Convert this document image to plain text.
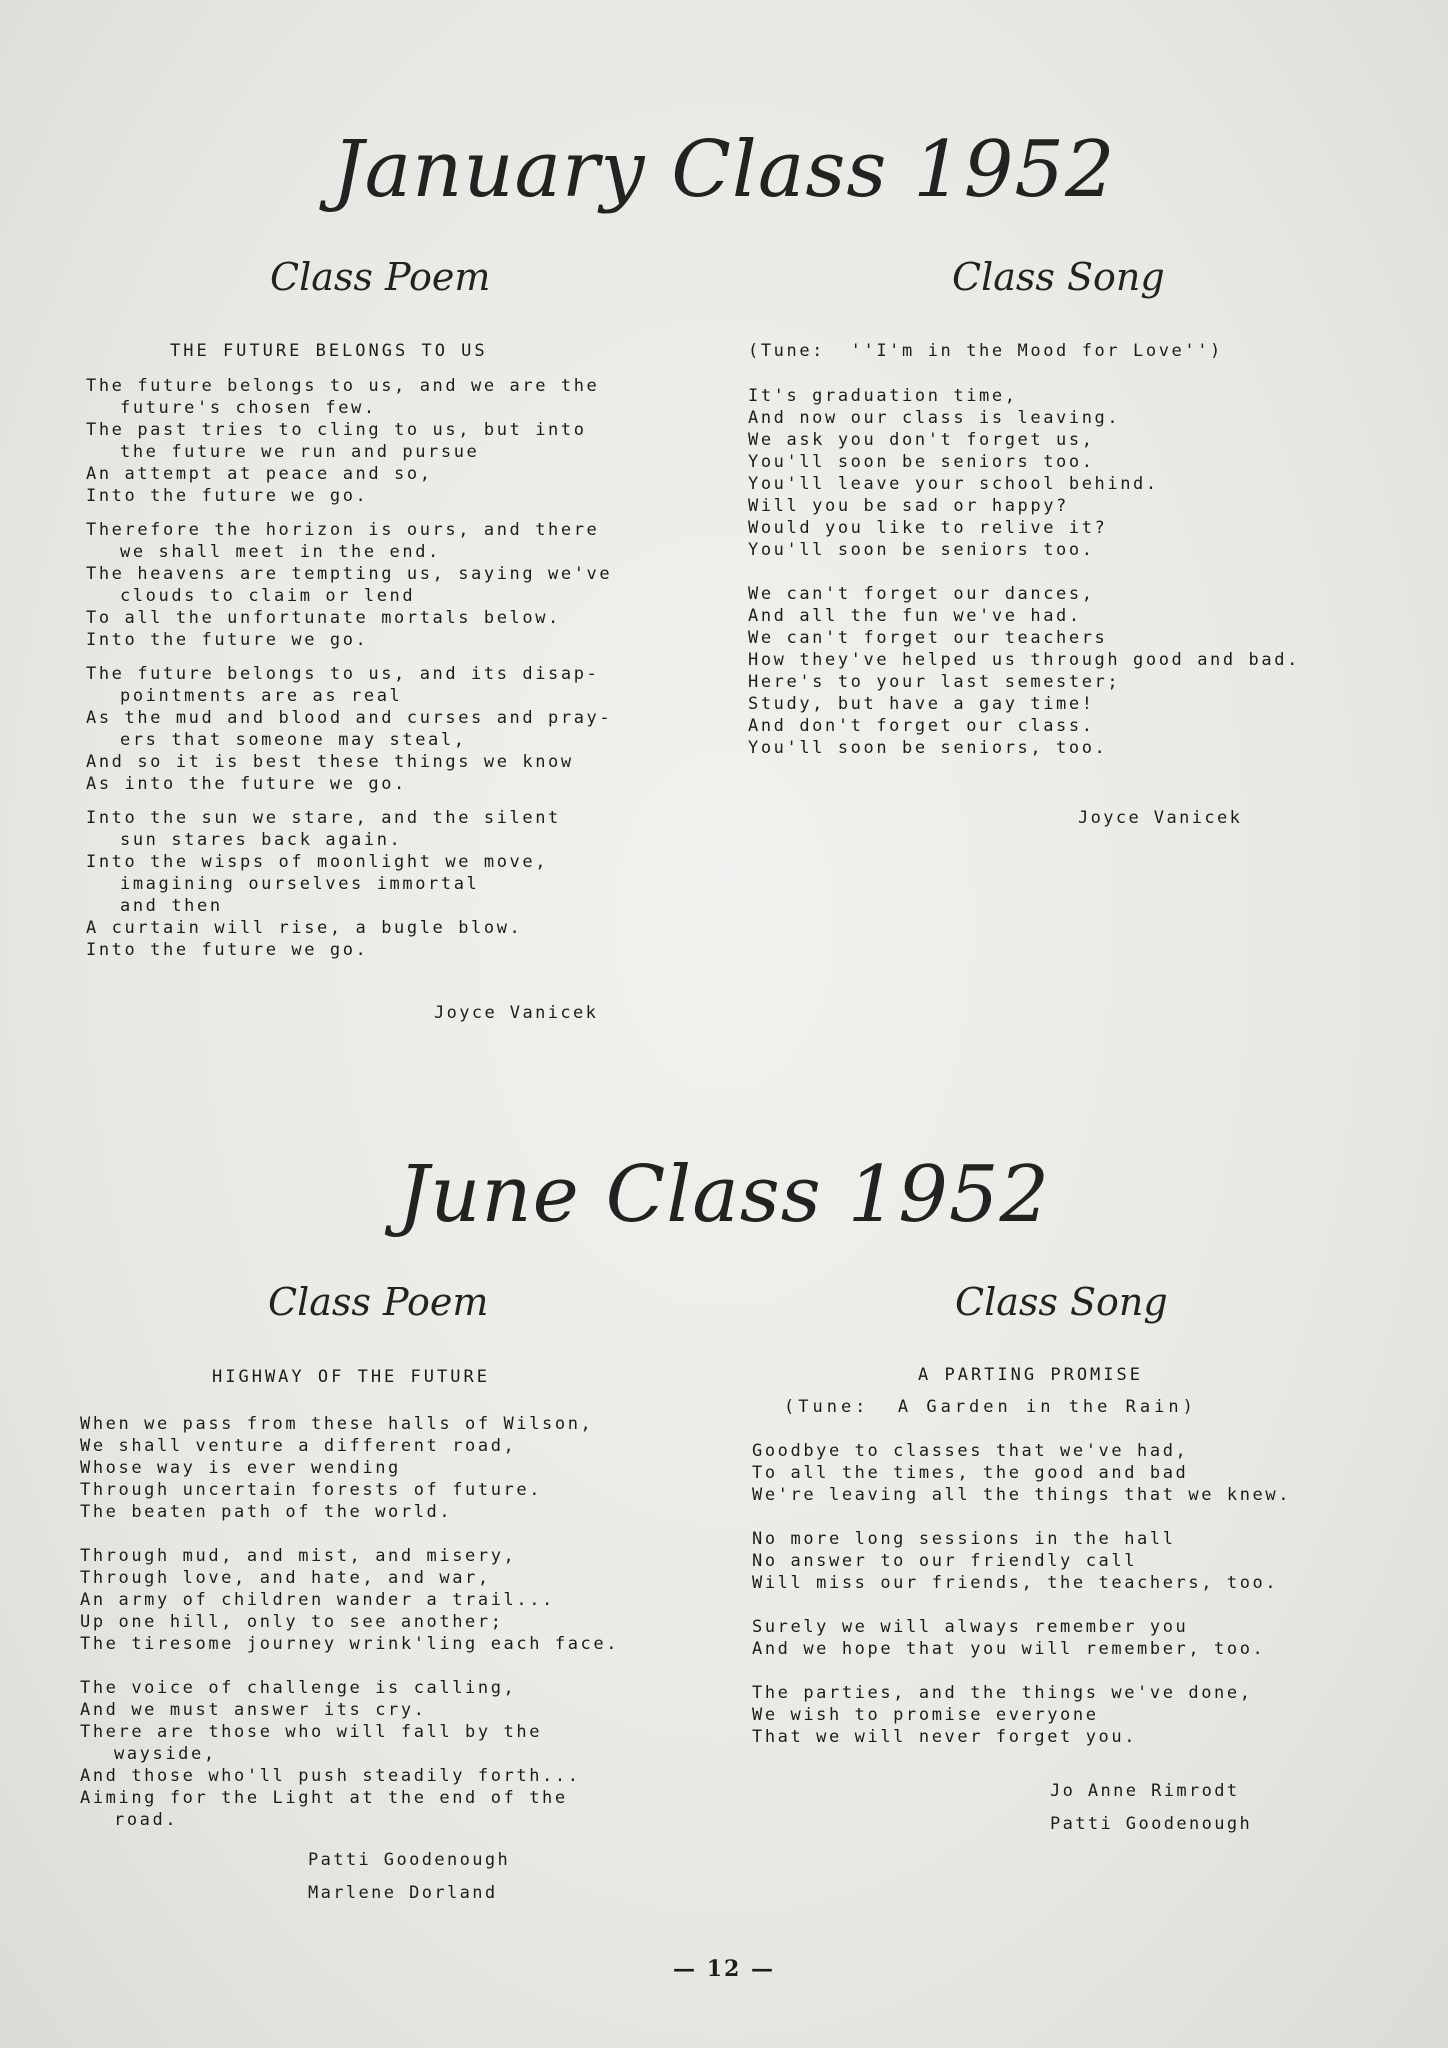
January Class 1952
Class Poem	Class Song
THE FUTURE BELONGS TO US
The future belongs to us, and we are the
future's chosen few.
The past tries to cling to us, but into
the future we run and pursue
An attempt at peace and so,
Into the future we go.
Therefore the horizon is ours, and there
we shall meet in the end.
The heavens are tempting us, saying we've
clouds to claim or lend
To all the unfortunate mortals below.
Into the future we go.
The future belongs to us, and its disap-
pointments are as real
As the mud and blood and curses and pray-
ers that someone may steal,
And so it is best these things we know
As into the future we go.
Into the sun we stare, and the silent
sun stares back again.
Into the wisps of moonlight we move,
imagining ourselves immortal
and then
A curtain will rise, a bugle blow.
Into the future we go.
Joyce Vanicek
(Tune:  ''I'm in the Mood for Love'')
It's graduation time,
And now our class is leaving.
We ask you don't forget us,
You'll soon be seniors too.
You'll leave your school behind.
Will you be sad or happy?
Would you like to relive it?
You'll soon be seniors too.
We can't forget our dances,
And all the fun we've had.
We can't forget our teachers
How they've helped us through good and bad.
Here's to your last semester;
Study, but have a gay time!
And don't forget our class.
You'll soon be seniors, too.
Joyce Vanicek
June Class 1952
Class Poem	Class Song
HIGHWAY OF THE FUTURE
When we pass from these halls of Wilson,
We shall venture a different road,
Whose way is ever wending
Through uncertain forests of future.
The beaten path of the world.
Through mud, and mist, and misery,
Through love, and hate, and war,
An army of children wander a trail...
Up one hill, only to see another;
The tiresome journey wrink'ling each face.
The voice of challenge is calling,
And we must answer its cry.
There are those who will fall by the
wayside,
And those who'll push steadily forth...
Aiming for the Light at the end of the
road.
Patti Goodenough
Marlene Dorland
A PARTING PROMISE
(Tune:  A Garden in the Rain)
Goodbye to classes that we've had,
To all the times, the good and bad
We're leaving all the things that we knew.
No more long sessions in the hall
No answer to our friendly call
Will miss our friends, the teachers, too.
Surely we will always remember you
And we hope that you will remember, too.
The parties, and the things we've done,
We wish to promise everyone
That we will never forget you.
Jo Anne Rimrodt
Patti Goodenough
— 12 —
